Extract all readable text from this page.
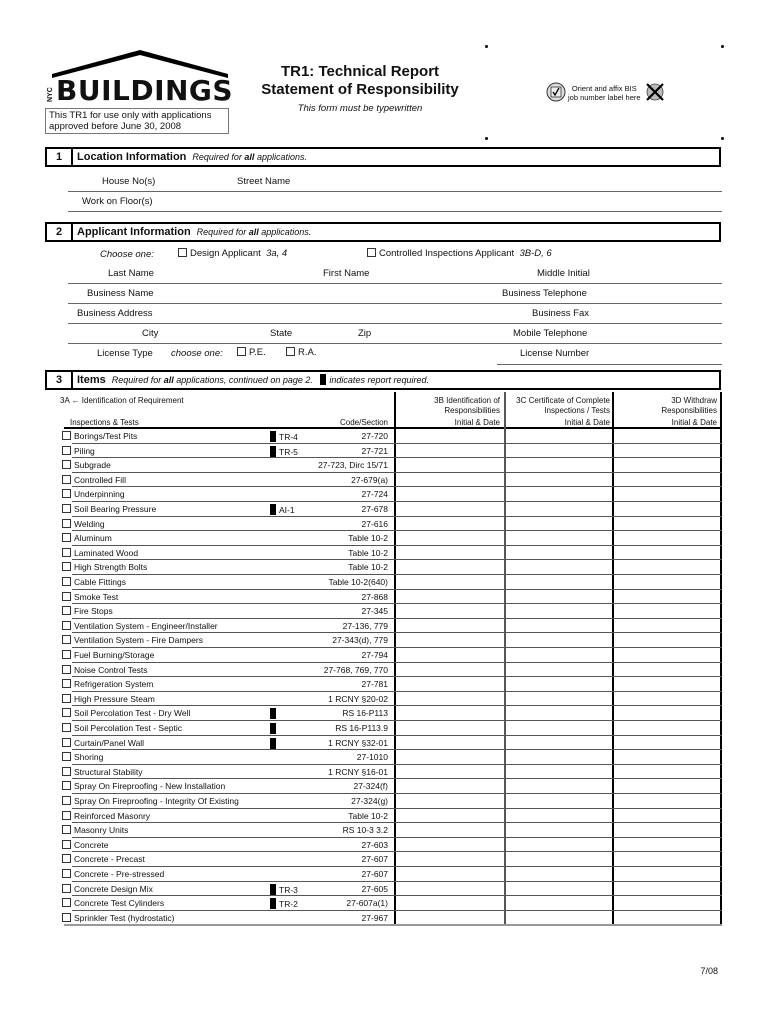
NYC BUILDINGS
This TR1 for use only with applications approved before June 30, 2008
TR1: Technical Report
Statement of Responsibility
This form must be typewritten
Orient and affix BIS
job number label here
1	Location Information Required for all applications.
House No(s)	Street Name
Work on Floor(s)
2	Applicant Information Required for all applications.
Choose one:	Design Applicant 3a, 4	Controlled Inspections Applicant 3B-D, 6
Last Name	First Name	Middle Initial
Business Name	Business Telephone
Business Address	Business Fax
City	State	Zip	Mobile Telephone
License Type choose one:	P.E.	R.A.	License Number
3	Items Required for all applications, continued on page 2. indicates report required.
3A ← Identification of Requirement
Inspections & Tests	Code/Section
3B Identification of
Responsibilities
3C Certificate of Complete
Inspections / Tests
3D Withdraw
Responsibilities
Initial & Date	Initial & Date	Initial & Date
Borings/Test Pits	TR-4	27-720
Piling	TR-5	27-721
Subgrade	27-723, Dirc 15/71
Controlled Fill	27-679(a)
Underpinning	27-724
Soil Bearing Pressure	AI-1	27-678
Welding	27-616
Aluminum	Table 10-2
Laminated Wood	Table 10-2
High Strength Bolts	Table 10-2
Cable Fittings	Table 10-2(640)
Smoke Test	27-868
Fire Stops	27-345
Ventilation System - Engineer/Installer	27-136, 779
Ventilation System - Fire Dampers	27-343(d), 779
Fuel Burning/Storage	27-794
Noise Control Tests	27-768, 769, 770
Refrigeration System	27-781
High Pressure Steam	1 RCNY §20-02
Soil Percolation Test - Dry Well	RS 16-P113
Soil Percolation Test - Septic	RS 16-P113.9
Curtain/Panel Wall	1 RCNY §32-01
Shoring	27-1010
Structural Stability	1 RCNY §16-01
Spray On Fireproofing - New Installation	27-324(f)
Spray On Fireproofing - Integrity Of Existing	27-324(g)
Reinforced Masonry	Table 10-2
Masonry Units	RS 10-3 3.2
Concrete	27-603
Concrete - Precast	27-607
Concrete - Pre-stressed	27-607
Concrete Design Mix	TR-3	27-605
Concrete Test Cylinders	TR-2	27-607a(1)
Sprinkler Test (hydrostatic)	27-967
7/08
